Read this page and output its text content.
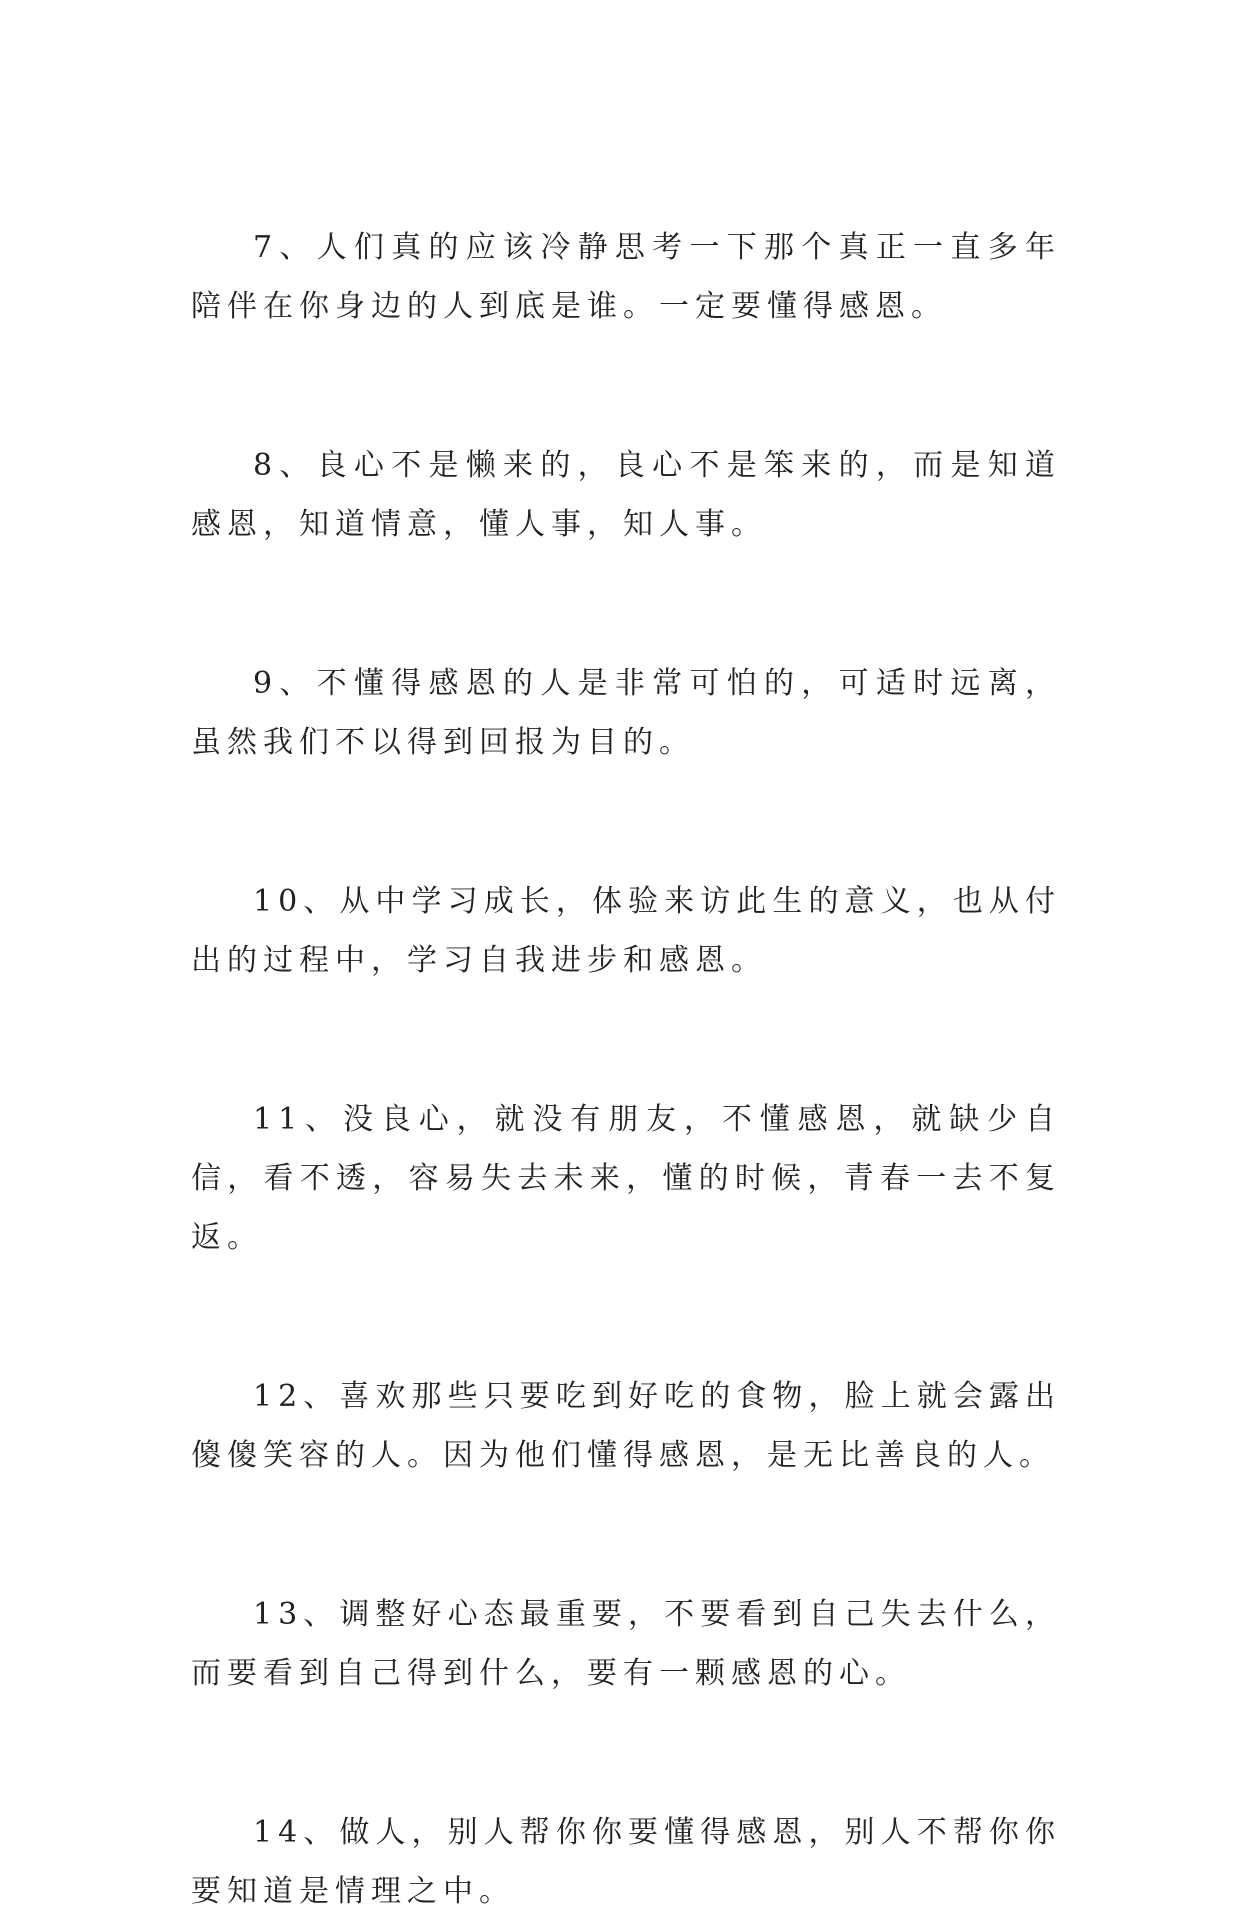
7、人们真的应该冷静思考一下那个真正一直多年陪伴在你身边的人到底是谁。一定要懂得感恩。

8、良心不是懒来的，良心不是笨来的，而是知道感恩，知道情意，懂人事，知人事。

9、不懂得感恩的人是非常可怕的，可适时远离，虽然我们不以得到回报为目的。

10、从中学习成长，体验来访此生的意义，也从付出的过程中，学习自我进步和感恩。

11、没良心，就没有朋友，不懂感恩，就缺少自信，看不透，容易失去未来，懂的时候，青春一去不复返。

12、喜欢那些只要吃到好吃的食物，脸上就会露出傻傻笑容的人。因为他们懂得感恩，是无比善良的人。

13、调整好心态最重要，不要看到自己失去什么，而要看到自己得到什么，要有一颗感恩的心。

14、做人，别人帮你你要懂得感恩，别人不帮你你要知道是情理之中。
